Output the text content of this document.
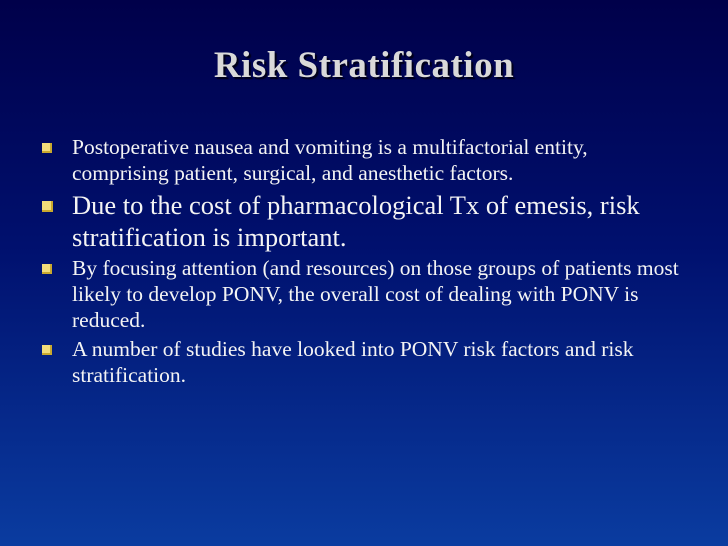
Risk Stratification
Postoperative nausea and vomiting is a multifactorial entity, comprising patient, surgical, and anesthetic factors.
Due to the cost of pharmacological Tx of emesis, risk stratification is important.
By focusing attention (and resources) on those groups of patients most likely to develop PONV, the overall cost of dealing with PONV is reduced.
A number of studies have looked into PONV risk factors and risk stratification.
